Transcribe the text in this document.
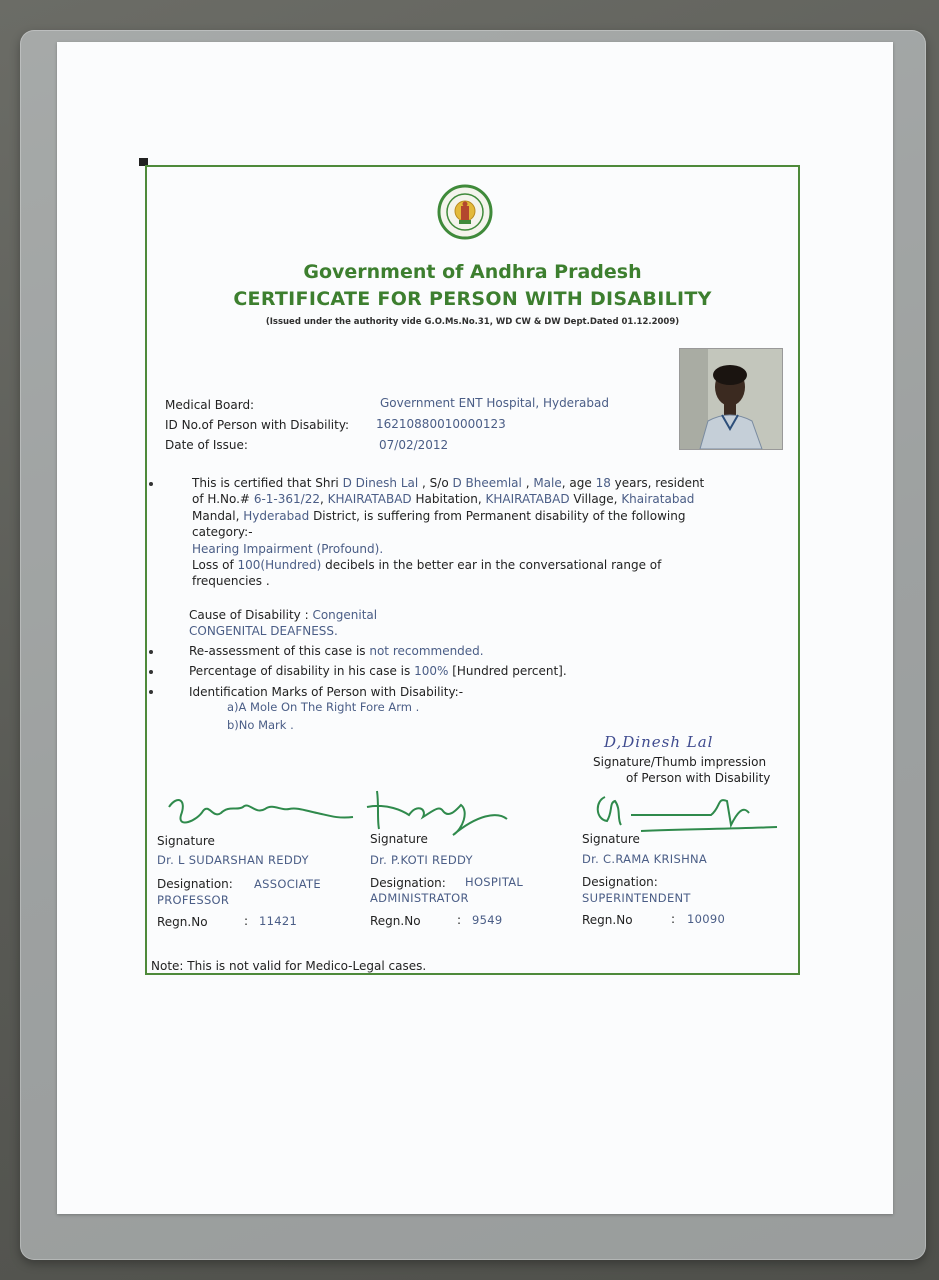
Government of Andhra Pradesh
CERTIFICATE FOR PERSON WITH DISABILITY
(Issued under the authority vide G.O.Ms.No.31, WD CW & DW Dept.Dated 01.12.2009)
Medical Board:	Government ENT Hospital, Hyderabad
ID No.of Person with Disability: 16210880010000123
Date of Issue:	07/02/2012
This is certified that Shri D Dinesh Lal , S/o D Bheemlal , Male, age 18 years, resident
of H.No.# 6-1-361/22, KHAIRATABAD Habitation, KHAIRATABAD Village, Khairatabad
Mandal, Hyderabad District, is suffering from Permanent disability of the following
category:-
Hearing Impairment (Profound).
Loss of 100(Hundred) decibels in the better ear in the conversational range of
frequencies .
Cause of Disability : Congenital
CONGENITAL DEAFNESS.
Re-assessment of this case is not recommended.
Percentage of disability in his case is 100% [Hundred percent].
Identification Marks of Person with Disability:-
a)A Mole On The Right Fore Arm .
b)No Mark .
D,Dinesh Lal
Signature/Thumb impression
of Person with Disability
Signature
Dr. L SUDARSHAN REDDY
Designation: ASSOCIATE
PROFESSOR
Regn.No	: 11421
Signature
Dr. P.KOTI REDDY
Designation: HOSPITAL
ADMINISTRATOR
Regn.No	: 9549
Signature
Dr. C.RAMA KRISHNA
Designation:
SUPERINTENDENT
Regn.No	: 10090
Note: This is not valid for Medico-Legal cases.
